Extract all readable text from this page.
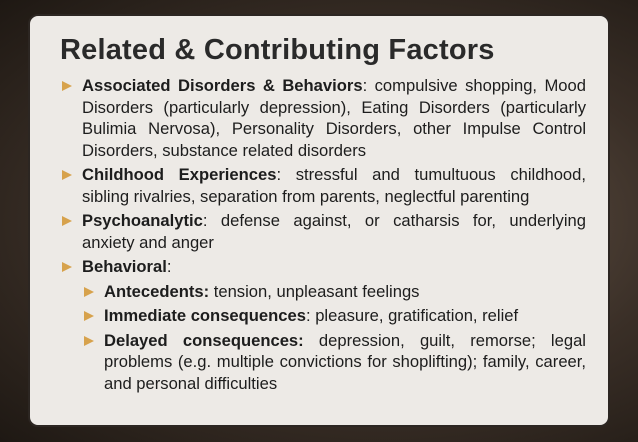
Related & Contributing Factors
Associated Disorders & Behaviors: compulsive shopping, Mood Disorders (particularly depression), Eating Disorders (particularly Bulimia Nervosa), Personality Disorders, other Impulse Control Disorders, substance related disorders
Childhood Experiences: stressful and tumultuous childhood, sibling rivalries, separation from parents, neglectful parenting
Psychoanalytic: defense against, or catharsis for, underlying anxiety and anger
Behavioral:
Antecedents: tension, unpleasant feelings
Immediate consequences: pleasure, gratification, relief
Delayed consequences: depression, guilt, remorse; legal problems (e.g. multiple convictions for shoplifting); family, career, and personal difficulties
